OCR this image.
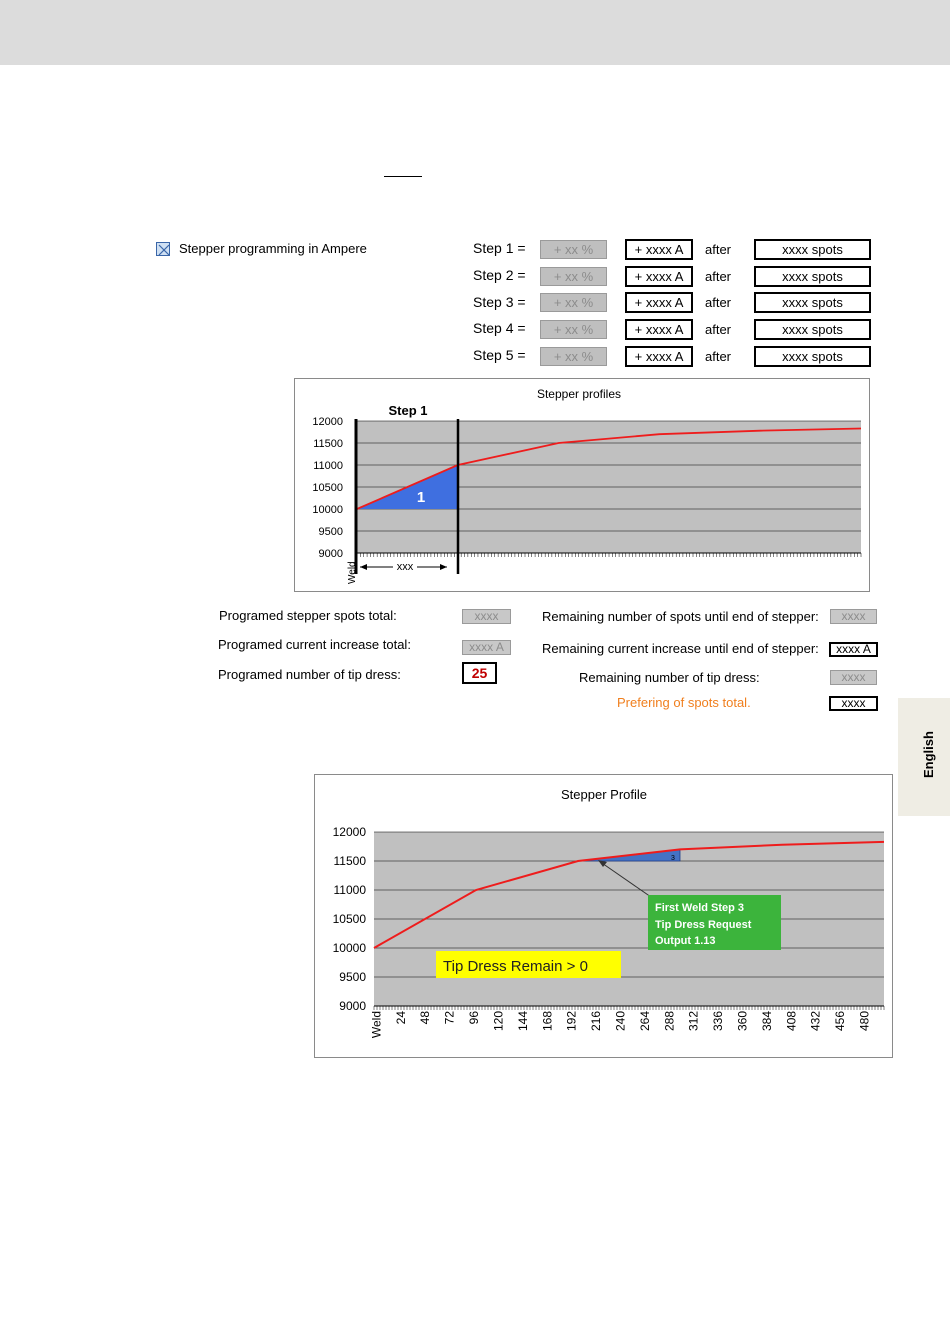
Stepper programming in Ampere	Step 1 =	+ xx %	+ xxxx A	after	xxxx spots
Step 2 =	+ xx %	+ xxxx A	after	xxxx spots
Step 3 =	+ xx %	+ xxxx A	after	xxxx spots
Step 4 =	+ xx %	+ xxxx A	after	xxxx spots
Step 5 =	+ xx %	+ xxxx A	after	xxxx spots
Stepper profiles
Step 1
12000
11500
11000
10500
10000
9500
9000
1
xxx
Weld
Programed stepper spots total:	xxxx
Programed current increase total:	xxxx A
Programed number of tip dress:	25
Remaining number of spots until end of stepper:	xxxx
Remaining current increase until end of stepper:	xxxx A
Remaining number of tip dress:	xxxx
Prefering of spots total.	xxxx
English
Stepper Profile
12000
11500
11000
10500
10000
9500
9000
Weld 24 48 72 96 120 144 168 192 216 240 264 288 312 336 360 384 408 432 456 480
3
First Weld Step 3
Tip Dress Request
Output 1.13
Tip Dress Remain > 0
